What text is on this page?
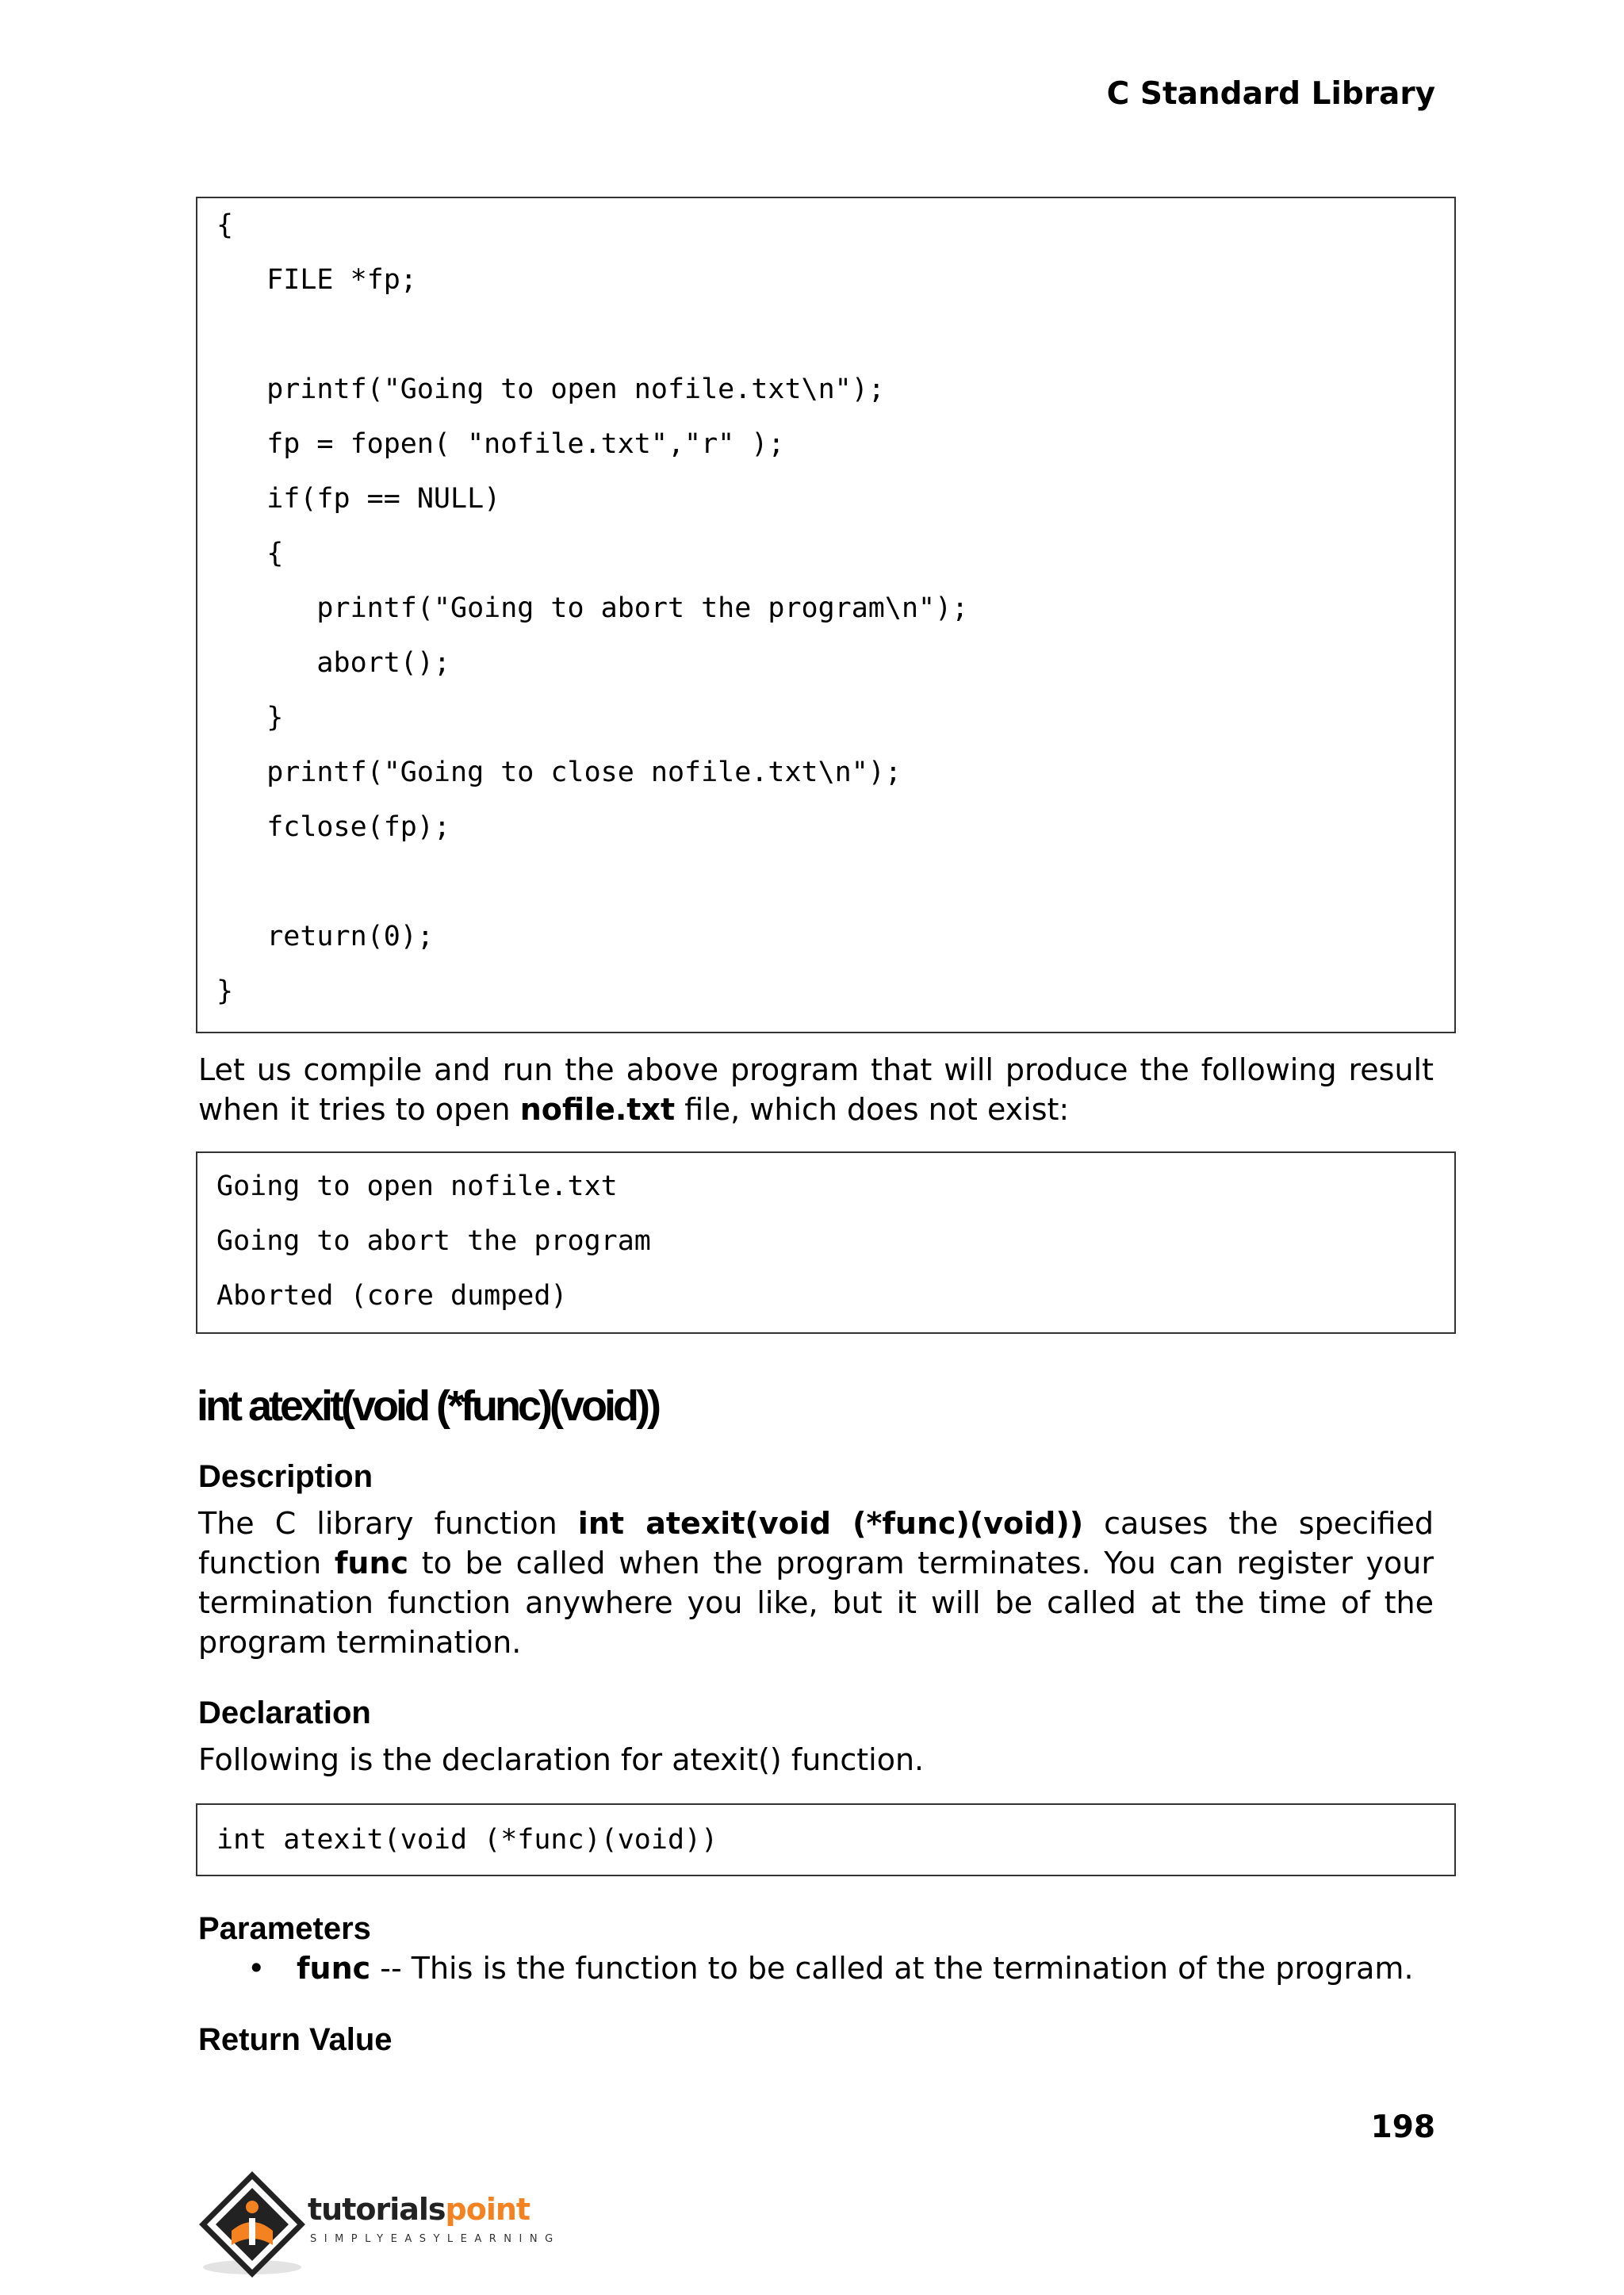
C Standard Library
{
FILE *fp;
printf("Going to open nofile.txt\n");
fp = fopen( "nofile.txt","r" );
if(fp == NULL)
{
printf("Going to abort the program\n");
abort();
}
printf("Going to close nofile.txt\n");
fclose(fp);
return(0);
}
Let us compile and run the above program that will produce the following result when it tries to open nofile.txt file, which does not exist:
Going to open nofile.txt
Going to abort the program
Aborted (core dumped)
int atexit(void (*func)(void))
Description
The C library function int atexit(void (*func)(void)) causes the specified function func to be called when the program terminates. You can register your termination function anywhere you like, but it will be called at the time of the program termination.
Declaration
Following is the declaration for atexit() function.
int atexit(void (*func)(void))
Parameters
• func -- This is the function to be called at the termination of the program.
Return Value
198
tutorialspoint
SIMPLYEASYLEARNING
